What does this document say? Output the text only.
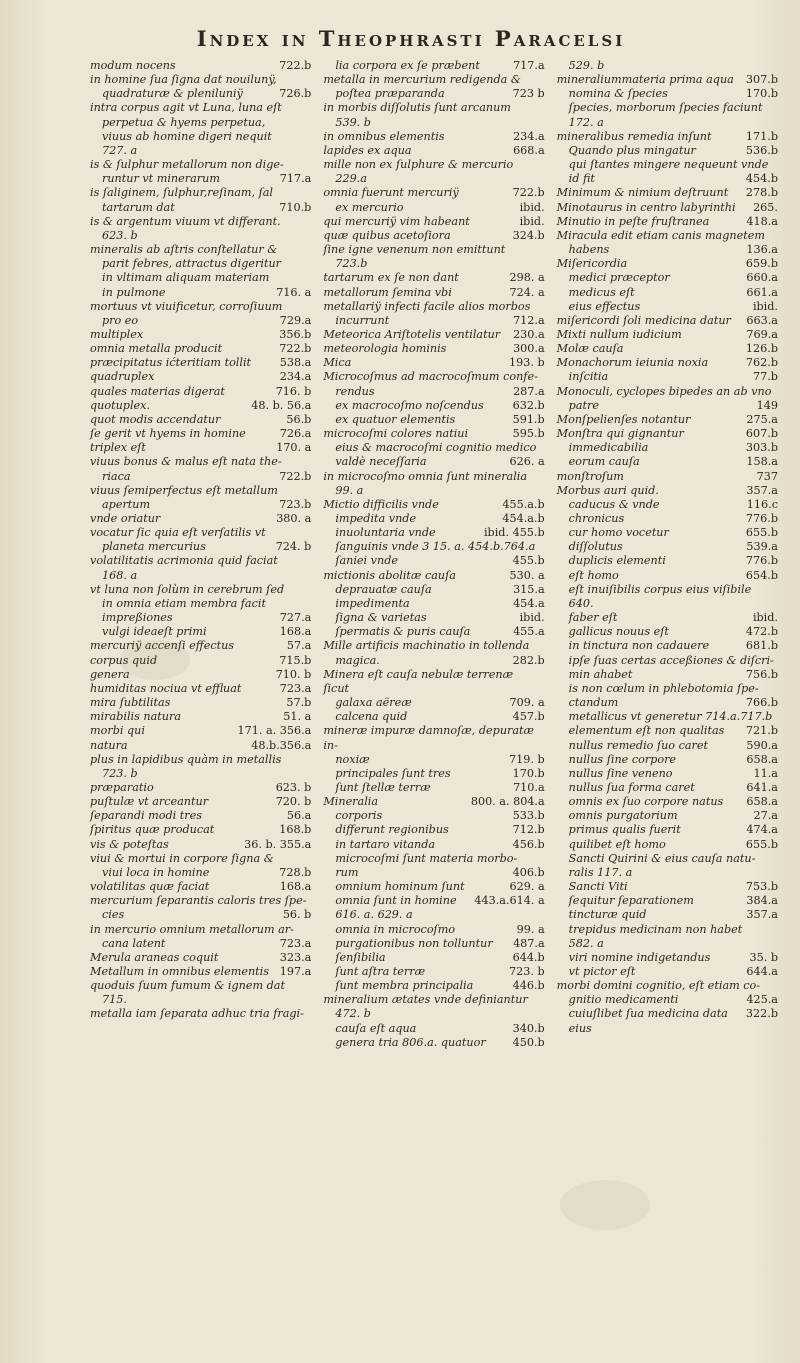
Index in Theophrasti Paracelsi
modum nocens	722.b
in homine ſua ſigna dat nouilunÿ,
quadraturæ & pleniluniÿ	726.b
intra corpus agit vt Luna, luna eſt
perpetua & hyems perpetua,
viuus ab homine digeri nequit
727. a
is & ſulphur metallorum non dige-
runtur vt minerarum	717.a
is ſaliginem, ſulphur,reſinam, ſal
tartarum dat	710.b
is & argentum viuum vt differant.
623. b
mineralis ab aſtris conſtellatur &
parit febres, attractus digeritur
in vltimam aliquam materiam
in pulmone	716. a
mortuus vt viuificetur, corroſiuum
pro eo	729.a
multiplex	356.b
omnia metalla producit	722.b
præcipitatus ićteritiam tollit	538.a
quadruplex	234.a
quales materias digerat	716. b
quotuplex.	48. b. 56.a
quot modis accendatur	56.b
ſe gerit vt hyems in homine	726.a
triplex eſt	170. a
viuus bonus & malus eſt nata the-
riaca	722.b
viuus ſemiperfectus eſt metallum
apertum	723.b
vnde oriatur	380. a
vocatur ſic quia eſt verſatilis vt
planeta mercurius	724. b
volatilitatis acrimonia quid faciat
168. a
vt luna non ſolùm in cerebrum ſed
in omnia etiam membra facit
impreßiones	727.a
vulgi ideaeſt primi	168.a
mercuriÿ accenſi effectus	57.a
corpus quid	715.b
genera	710. b
humiditas nociua vt effluat	723.a
mira ſubtilitas	57.b
mirabilis natura	51. a
morbi qui	171. a. 356.a
natura	48.b.356.a
plus in lapidibus quàm in metallis
723. b
præparatio	623. b
puſtulæ vt arceantur	720. b
ſeparandi modi tres	56.a
ſpiritus quæ producat	168.b
vis & poteſtas	36. b. 355.a
viui & mortui in corpore ſigna &
viui loca in homine	728.b
volatilitas quæ faciat	168.a
mercurium ſeparantis caloris tres ſpe-
cies	56. b
in mercurio omnium metallorum ar-
cana latent	723.a
Merula araneas coquit	323.a
Metallum in omnibus elementis 197.a
quoduis ſuum fumum & ignem dat
715.
metalla iam ſeparata adhuc tria fragi-
lia corpora ex ſe præbent	717.a
metalla in mercurium redigenda &
poſtea præparanda	723 b
in morbis diſſolutis ſunt arcanum
539. b
in omnibus elementis	234.a
lapides ex aqua	668.a
mille non ex ſulphure & mercurio
229.a
omnia fuerunt mercuriÿ	722.b
ex mercurio	ibid.
qui mercuriÿ vim habeant	ibid.
quæ quibus acetoſiora	324.b
ſine igne venenum non emittunt
723.b
tartarum ex ſe non dant	298. a
metallorum ſemina vbi	724. a
metallariÿ infecti facile alios morbos
incurrunt	712.a
Meteorica Ariſtotelis ventilatur	230.a
meteorologia hominis	300.a
Mica	193. b
Microcoſmus ad macrocoſmum confe-
rendus	287.a
ex macrocoſmo noſcendus	632.b
ex quatuor elementis	591.b
microcoſmi colores natiui	595.b
eius & macrocoſmi cognitio medico
valdè neceſſaria	626. a
in microcoſmo omnia ſunt mineralia
99. a
Mictio difficilis vnde	455.a.b
impedita vnde	454.a.b
inuoluntaria vnde	ibid. 455.b
ſanguinis vnde 3 15. a. 454.b.764.a
ſaniei vnde	455.b
mictionis abolitæ cauſa	530. a
deprauatæ cauſa	315.a
impedimenta	454.a
ſigna & varietas	ibid.
ſpermatis & puris cauſa	455.a
Mille artificis machinatio in tollenda
magica.	282.b
Minera eſt cauſa nebulæ terrenæ ſicut
galaxa aëreæ	709. a
calcena quid	457.b
mineræ impuræ damnoſæ, depuratæ in-
noxiæ	719. b
principales ſunt tres	170.b
ſunt ſtellæ terræ	710.a
Mineralia	800. a. 804.a
corporis	533.b
differunt regionibus	712.b
in tartaro vitanda	456.b
microcoſmi ſunt materia morbo-
rum	406.b
omnium hominum ſunt	629. a
omnia ſunt in homine	443.a.614. a
616. a. 629. a
omnia in microcoſmo	99. a
purgationibus non tolluntur	487.a
ſenſibilia	644.b
ſunt aſtra terræ	723. b
ſunt membra principalia	446.b
mineralium ætates vnde definiantur
472. b
cauſa eſt aqua	340.b
genera tria 806.a. quatuor	450.b
529. b
mineraliummateria prima aqua	307.b
nomina & ſpecies	170.b
ſpecies, morborum ſpecies faciunt
172. a
mineralibus remedia inſunt	171.b
Quando plus mingatur	536.b
qui ſtantes mingere nequeunt vnde
id fit	454.b
Minimum & nimium deſtruunt	278.b
Minotaurus in centro labyrinthi	265.
Minutio in peſte fruſtranea	418.a
Miracula edit etiam canis magnetem
habens	136.a
Miſericordia	659.b
medici præceptor	660.a
medicus eſt	661.a
eius effectus	ibid.
miſericordi ſoli medicina datur	663.a
Mixti nullum iudicium	769.a
Molæ cauſa	126.b
Monachorum ieiunia noxia	762.b
inſcitia	77.b
Monoculi, cyclopes bipedes an ab vno
patre	149
Monſpelienſes notantur	275.a
Monſtra qui gignantur	607.b
immedicabilia	303.b
eorum cauſa	158.a
monſtroſum	737
Morbus auri quid.	357.a
caducus & vnde	116.c
chronicus	776.b
cur homo vocetur	655.b
diſſolutus	539.a
duplicis elementi	776.b
eſt homo	654.b
eſt inuiſibilis corpus eius viſibile
640.
faber eſt	ibid.
gallicus nouus eſt	472.b
in tinctura non cadauere	681.b
ipſe ſuas certas acceßiones & diſcri-
min ahabet	756.b
is non cœlum in phlebotomia ſpe-
ctandum	766.b
metallicus vt generetur 714.a.717.b
elementum eſt non qualitas	721.b
nullus remedio ſuo caret	590.a
nullus ſine corpore	658.a
nullus ſine veneno	11.a
nullus ſua forma caret	641.a
omnis ex ſuo corpore natus	658.a
omnis purgatorium	27.a
primus qualis fuerit	474.a
quilibet eſt homo	655.b
Sancti Quirini & eius cauſa natu-
ralis 117. a
Sancti Viti	753.b
ſequitur ſeparationem	384.a
tincturæ quid	357.a
trepidus medicinam non habet
582. a
viri nomine indigetandus	35. b
vt pictor eſt	644.a
morbi domini cognitio, eſt etiam co-
gnitio medicamenti	425.a
cuiuſlibet ſua medicina data	322.b
eius
